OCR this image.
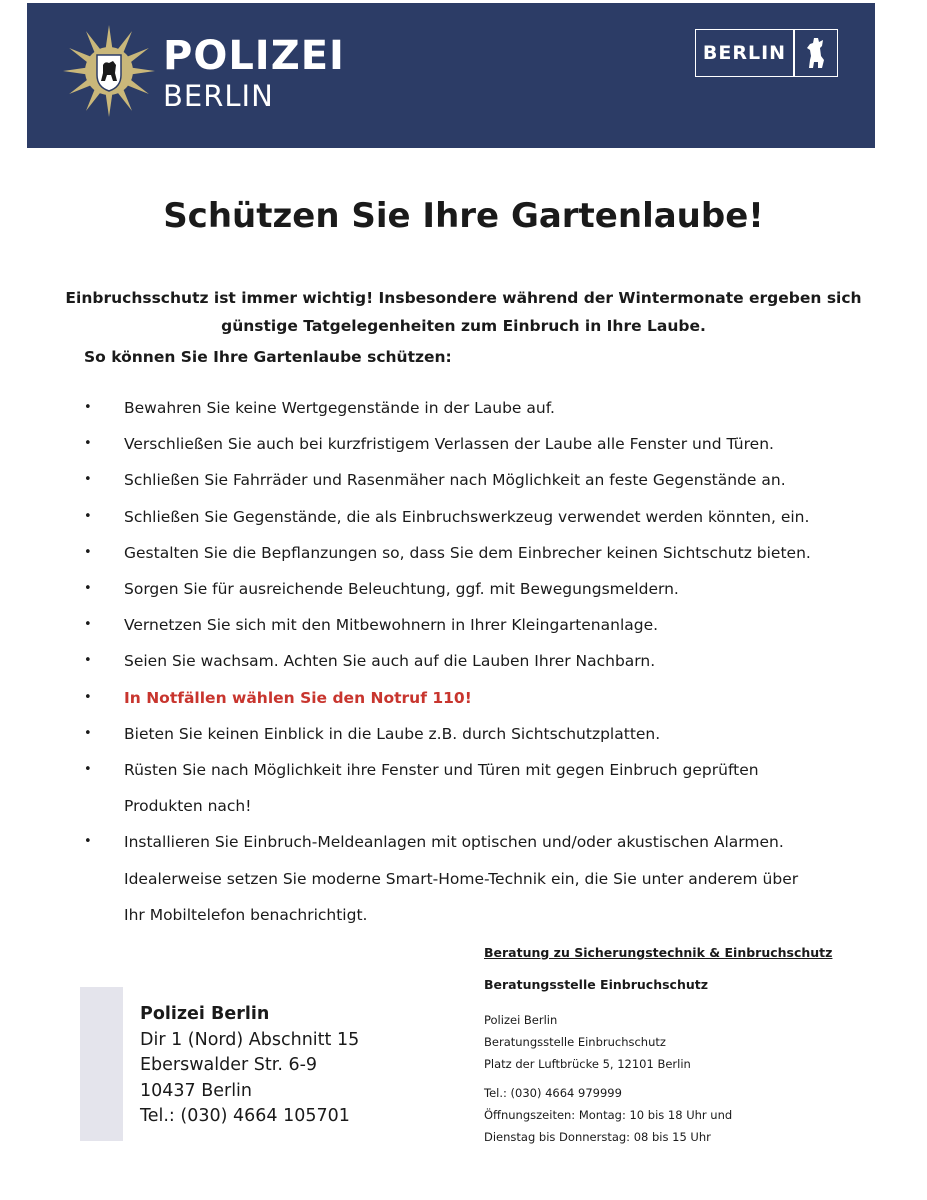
POLIZEI
BERLIN
BERLIN
Schützen Sie Ihre Gartenlaube!

Einbruchsschutz ist immer wichtig! Insbesondere während der Wintermonate ergeben sich günstige Tatgelegenheiten zum Einbruch in Ihre Laube.

So können Sie Ihre Gartenlaube schützen:

• Bewahren Sie keine Wertgegenstände in der Laube auf.
• Verschließen Sie auch bei kurzfristigem Verlassen der Laube alle Fenster und Türen.
• Schließen Sie Fahrräder und Rasenmäher nach Möglichkeit an feste Gegenstände an.
• Schließen Sie Gegenstände, die als Einbruchswerkzeug verwendet werden könnten, ein.
• Gestalten Sie die Bepflanzungen so, dass Sie dem Einbrecher keinen Sichtschutz bieten.
• Sorgen Sie für ausreichende Beleuchtung, ggf. mit Bewegungsmeldern.
• Vernetzen Sie sich mit den Mitbewohnern in Ihrer Kleingartenanlage.
• Seien Sie wachsam. Achten Sie auch auf die Lauben Ihrer Nachbarn.
• In Notfällen wählen Sie den Notruf 110!
• Bieten Sie keinen Einblick in die Laube z.B. durch Sichtschutzplatten.
• Rüsten Sie nach Möglichkeit ihre Fenster und Türen mit gegen Einbruch geprüften
Produkten nach!
• Installieren Sie Einbruch-Meldeanlagen mit optischen und/oder akustischen Alarmen.
Idealerweise setzen Sie moderne Smart-Home-Technik ein, die Sie unter anderem über
Ihr Mobiltelefon benachrichtigt.
Polizei Berlin
Dir 1 (Nord) Abschnitt 15
Eberswalder Str. 6-9
10437 Berlin
Tel.: (030) 4664 105701
Beratung zu Sicherungstechnik & Einbruchschutz
Beratungsstelle Einbruchschutz
Polizei Berlin
Beratungsstelle Einbruchschutz
Platz der Luftbrücke 5, 12101 Berlin
Tel.: (030) 4664 979999
Öffnungszeiten: Montag: 10 bis 18 Uhr und
Dienstag bis Donnerstag: 08 bis 15 Uhr
